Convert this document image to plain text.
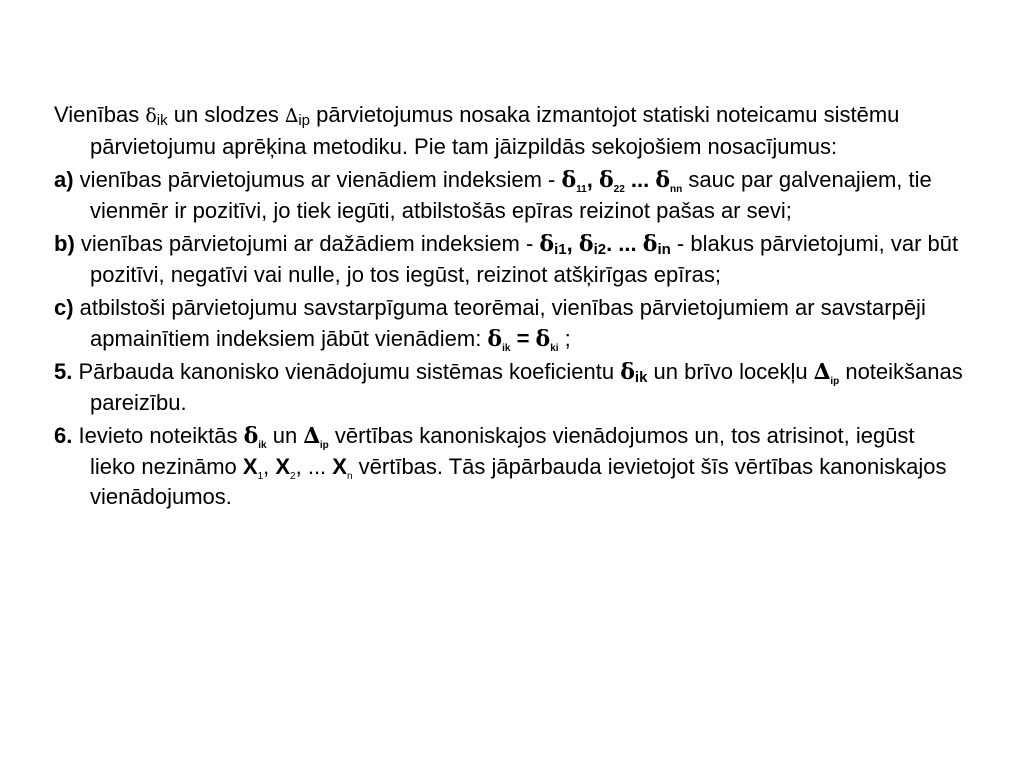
Vienības $\delta_{ik}$ un slodzes $\Delta_{ip}$ pārvietojumus nosaka izmantojot statiski noteicamu sistēmu pārvietojumu aprēķina metodiku. Pie tam jāizpildās sekojošiem nosacījumus:

a) vienības pārvietojumus ar vienādiem indeksiem - $\delta_{11}$, $\delta_{22}$ ... $\delta_{nn}$ sauc par galvenajiem, tie vienmēr ir pozitīvi, jo tiek iegūti, atbilstošās epīras reizinot pašas ar sevi;

b) vienības pārvietojumi ar dažādiem indeksiem - $\delta_{i1}$, $\delta_{i2}$. ... $\delta_{in}$ - blakus pārvietojumi, var būt pozitīvi, negatīvi vai nulle, jo tos iegūst, reizinot atšķirīgas epīras;

c) atbilstoši pārvietojumu savstarpīguma teorēmai, vienības pārvietojumiem ar savstarpēji apmainītiem indeksiem jābūt vienādiem: $\delta_{ik} = \delta_{ki}$ ;

5. Pārbauda kanonisko vienādojumu sistēmas koeficientu $\delta_{ik}$ un brīvo locekļu $\Delta_{ip}$ noteikšanas pareizību.

6. Ievieto noteiktās $\delta_{ik}$ un $\Delta_{ip}$ vērtības kanoniskajos vienādojumos un, tos atrisinot, iegūst lieko nezināmo $X_1$, $X_2$, ... $X_n$ vērtības. Tās jāpārbauda ievietojot šīs vērtības kanoniskajos vienādojumos.
